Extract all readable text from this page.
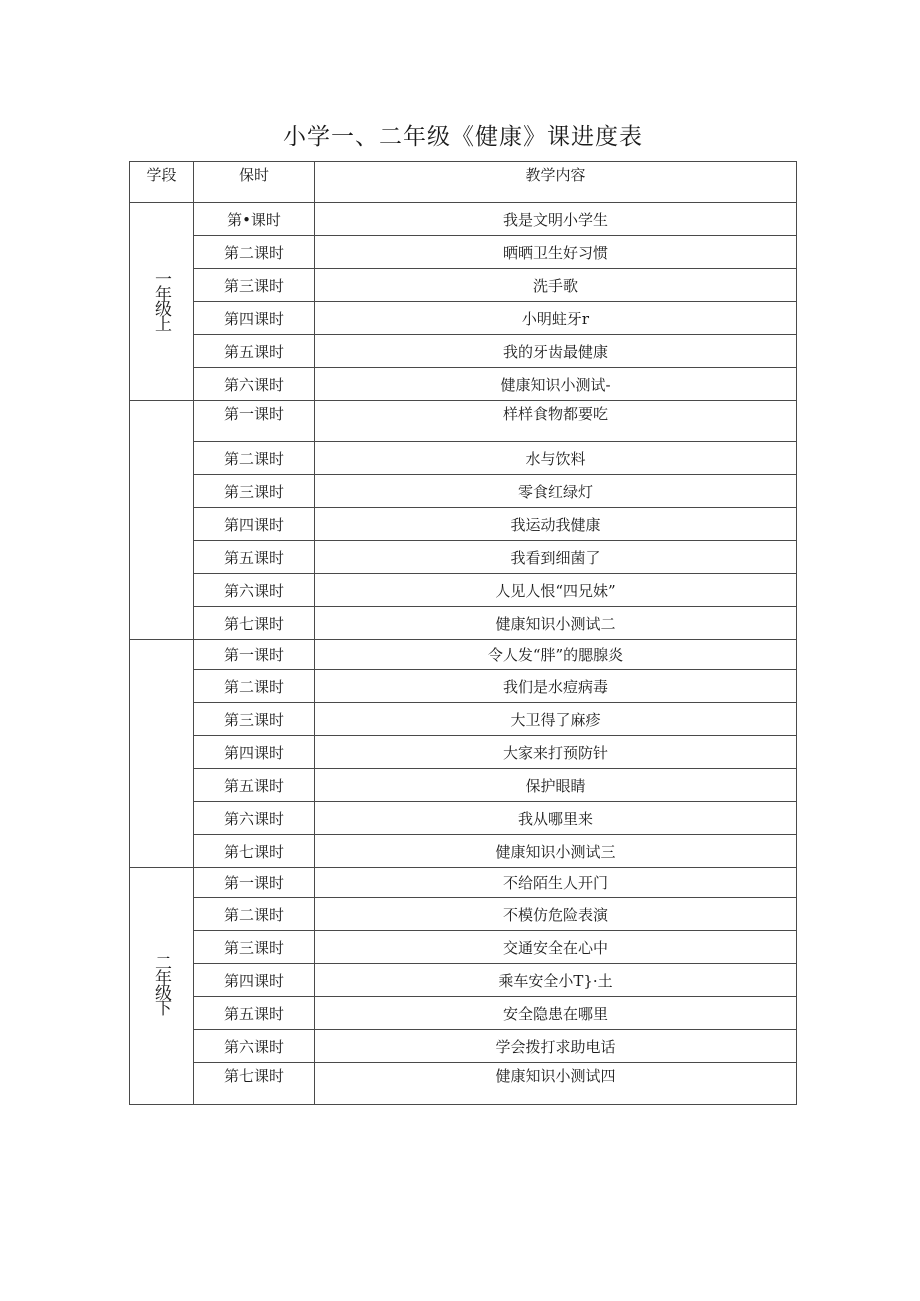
小学一、二年级《健康》课进度表
学段	保时	教学内容
一年级上	第•课时	我是文明小学生
	第二课时	晒晒卫生好习惯
	第三课时	洗手歌
	第四课时	小明蛀牙r
	第五课时	我的牙齿最健康
	第六课时	健康知识小测试-
	第一课时	样样食物都要吃
	第二课时	水与饮料
	第三课时	零食红绿灯
	第四课时	我运动我健康
	第五课时	我看到细菌了
	第六课时	人见人恨“四兄妹”
	第七课时	健康知识小测试二
	第一课时	令人发“胖”的腮腺炎
	第二课时	我们是水痘病毒
	第三课时	大卫得了麻疹
	第四课时	大家来打预防针
	第五课时	保护眼睛
	第六课时	我从哪里来
	第七课时	健康知识小测试三
二年级下	第一课时	不给陌生人开门
	第二课时	不模仿危险表演
	第三课时	交通安全在心中
	第四课时	乘车安全小T}·土
	第五课时	安全隐患在哪里
	第六课时	学会拨打求助电话
	第七课时	健康知识小测试四
